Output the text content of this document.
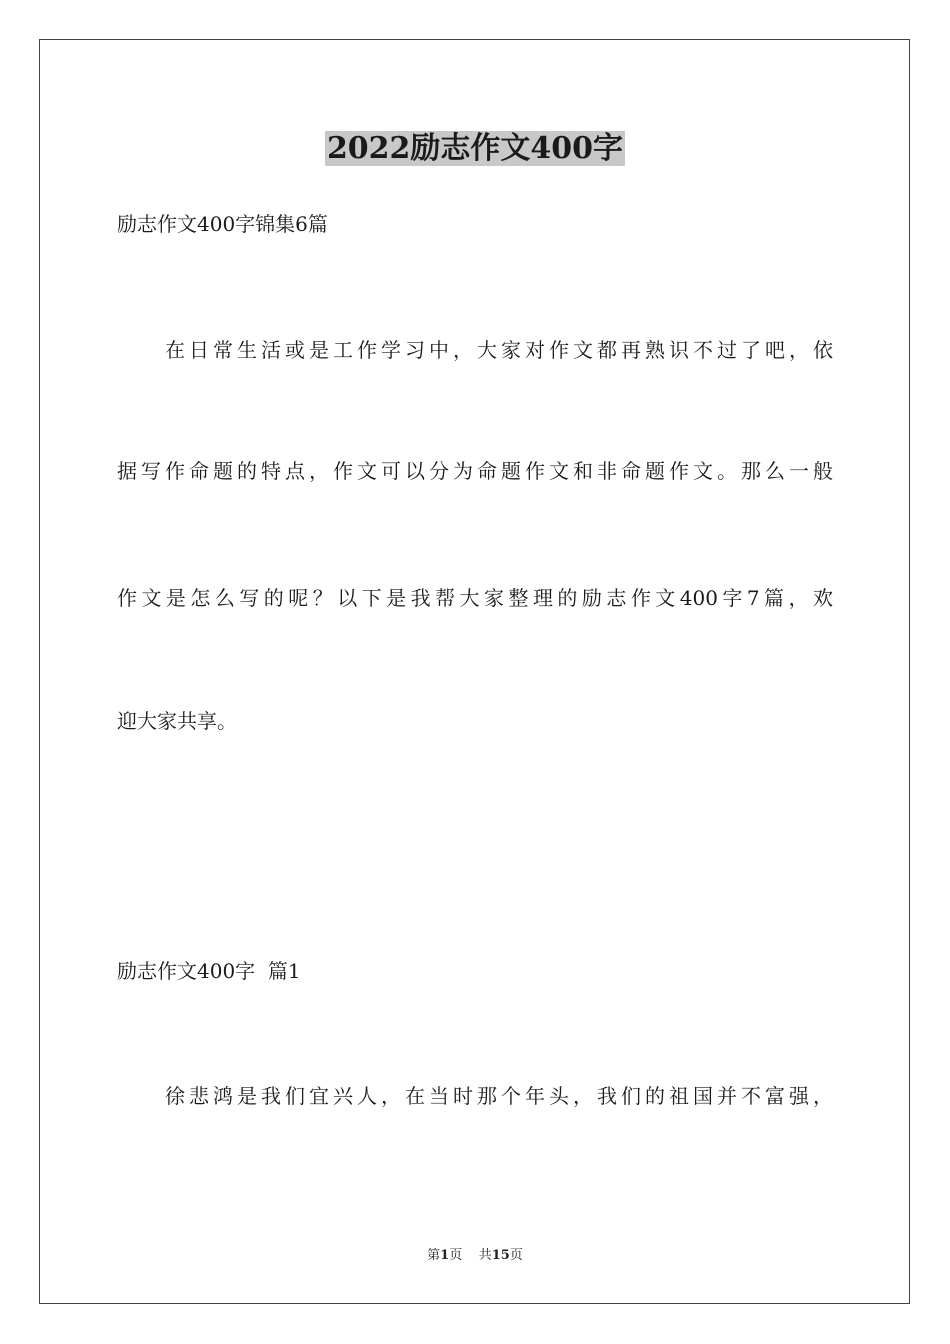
2022励志作文400字

励志作文400字锦集6篇

在日常生活或是工作学习中，大家对作文都再熟识不过了吧，依

据写作命题的特点，作文可以分为命题作文和非命题作文。那么一般

作文是怎么写的呢？以下是我帮大家整理的励志作文400字7篇，欢

迎大家共享。

励志作文400字  篇1

徐悲鸿是我们宜兴人，在当时那个年头，我们的祖国并不富强，

第1页    共15页
